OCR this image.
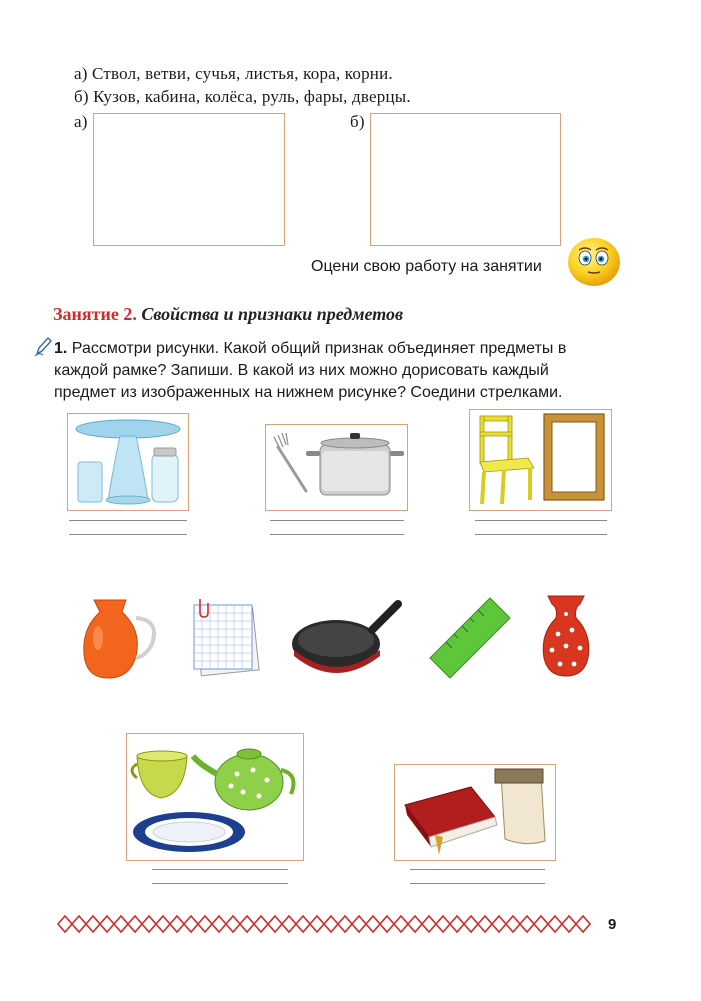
а) Ствол, ветви, сучья, листья, кора, корни.
б) Кузов, кабина, колёса, руль, фары, дверцы.
а)	б)
Оцени свою работу на занятии
Занятие 2. Свойства и признаки предметов
1. Рассмотри рисунки. Какой общий признак объединяет предметы в
каждой рамке? Запиши. В какой из них можно дорисовать каждый
предмет из изображенных на нижнем рисунке? Соедини стрелками.
9
